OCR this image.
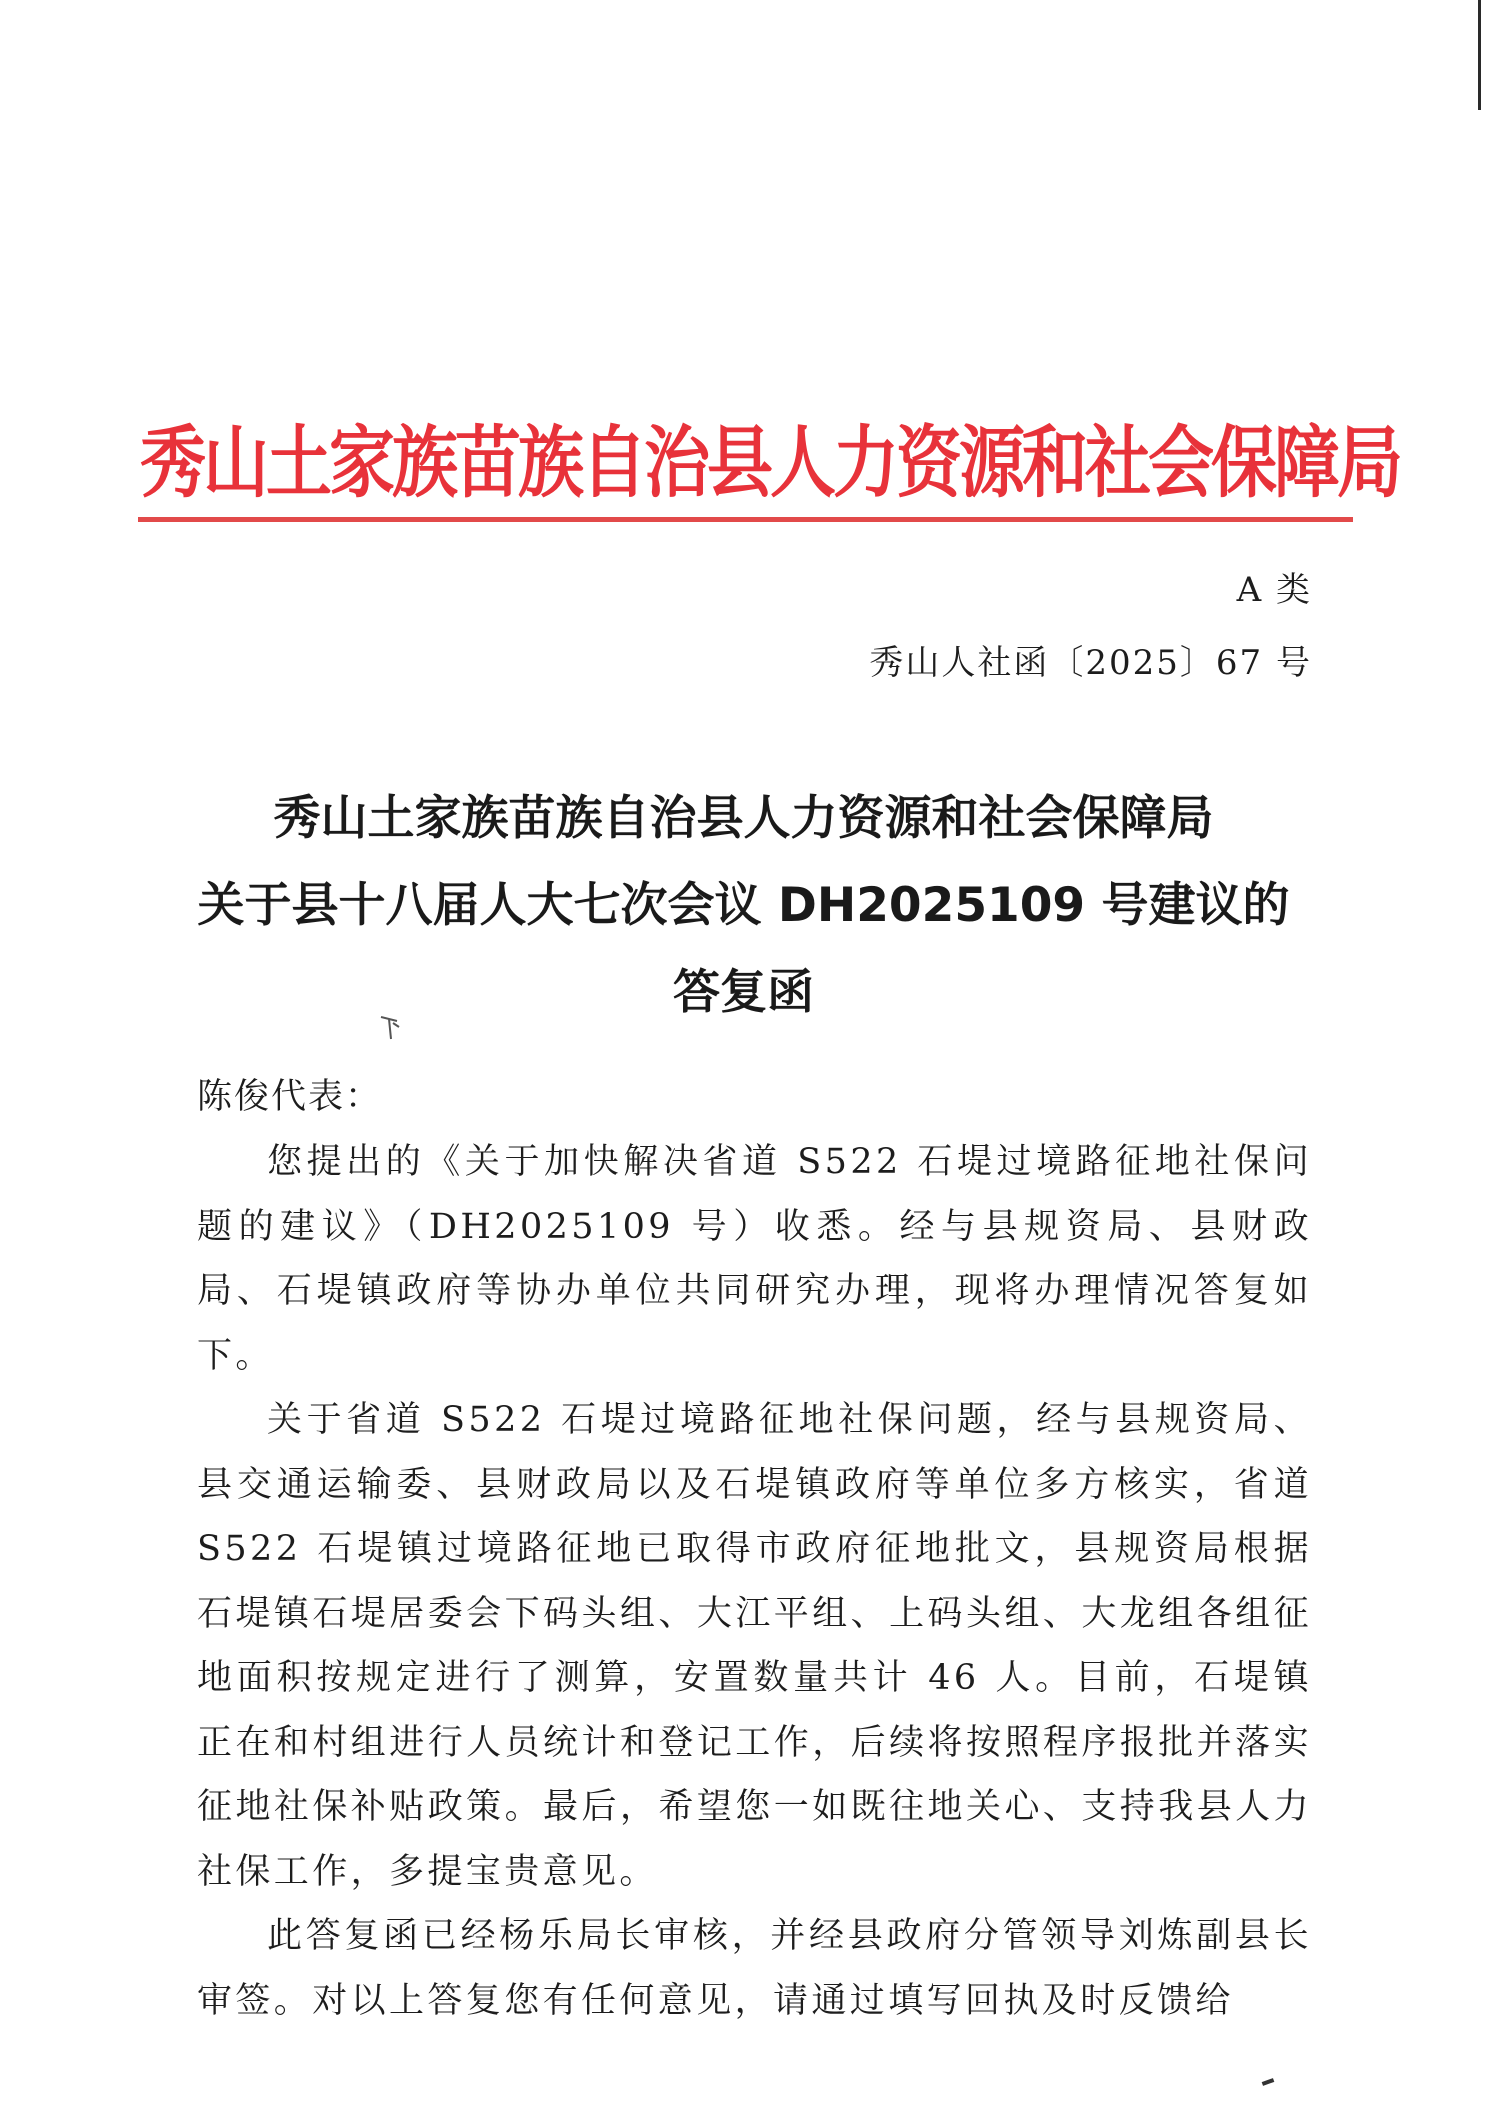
秀山土家族苗族自治县人力资源和社会保障局
A 类
秀山人社函〔2025〕67 号
秀山土家族苗族自治县人力资源和社会保障局
关于县十八届人大七次会议 DH2025109 号建议的
答复函
陈俊代表：

您提出的《关于加快解决省道 S522 石堤过境路征地社保问题的建议》（DH2025109 号）收悉。经与县规资局、县财政局、石堤镇政府等协办单位共同研究办理，现将办理情况答复如下。

关于省道 S522 石堤过境路征地社保问题，经与县规资局、县交通运输委、县财政局以及石堤镇政府等单位多方核实，省道 S522 石堤镇过境路征地已取得市政府征地批文，县规资局根据石堤镇石堤居委会下码头组、大江平组、上码头组、大龙组各组征地面积按规定进行了测算，安置数量共计 46 人。目前，石堤镇正在和村组进行人员统计和登记工作，后续将按照程序报批并落实征地社保补贴政策。最后，希望您一如既往地关心、支持我县人力社保工作，多提宝贵意见。

此答复函已经杨乐局长审核，并经县政府分管领导刘炼副县长审签。对以上答复您有任何意见，请通过填写回执及时反馈给
